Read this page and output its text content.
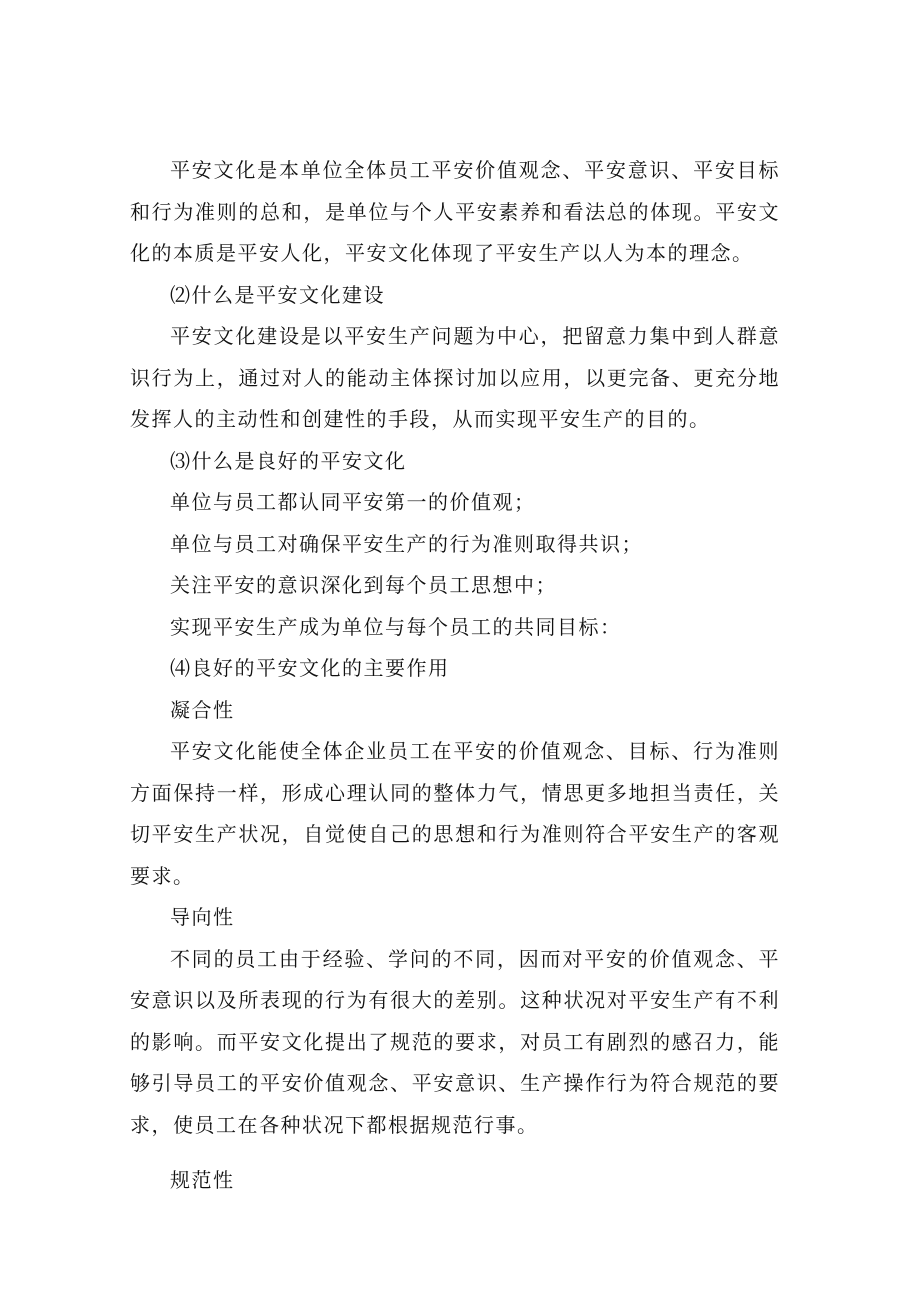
平安文化是本单位全体员工平安价值观念、平安意识、平安目标和行为准则的总和，是单位与个人平安素养和看法总的体现。平安文化的本质是平安人化，平安文化体现了平安生产以人为本的理念。

⑵什么是平安文化建设

平安文化建设是以平安生产问题为中心，把留意力集中到人群意识行为上，通过对人的能动主体探讨加以应用，以更完备、更充分地发挥人的主动性和创建性的手段，从而实现平安生产的目的。

⑶什么是良好的平安文化

单位与员工都认同平安第一的价值观；

单位与员工对确保平安生产的行为准则取得共识；

关注平安的意识深化到每个员工思想中；

实现平安生产成为单位与每个员工的共同目标：

⑷良好的平安文化的主要作用

凝合性

平安文化能使全体企业员工在平安的价值观念、目标、行为准则方面保持一样，形成心理认同的整体力气，情思更多地担当责任，关切平安生产状况，自觉使自己的思想和行为准则符合平安生产的客观要求。

导向性

不同的员工由于经验、学问的不同，因而对平安的价值观念、平安意识以及所表现的行为有很大的差别。这种状况对平安生产有不利的影响。而平安文化提出了规范的要求，对员工有剧烈的感召力，能够引导员工的平安价值观念、平安意识、生产操作行为符合规范的要求，使员工在各种状况下都根据规范行事。

规范性
